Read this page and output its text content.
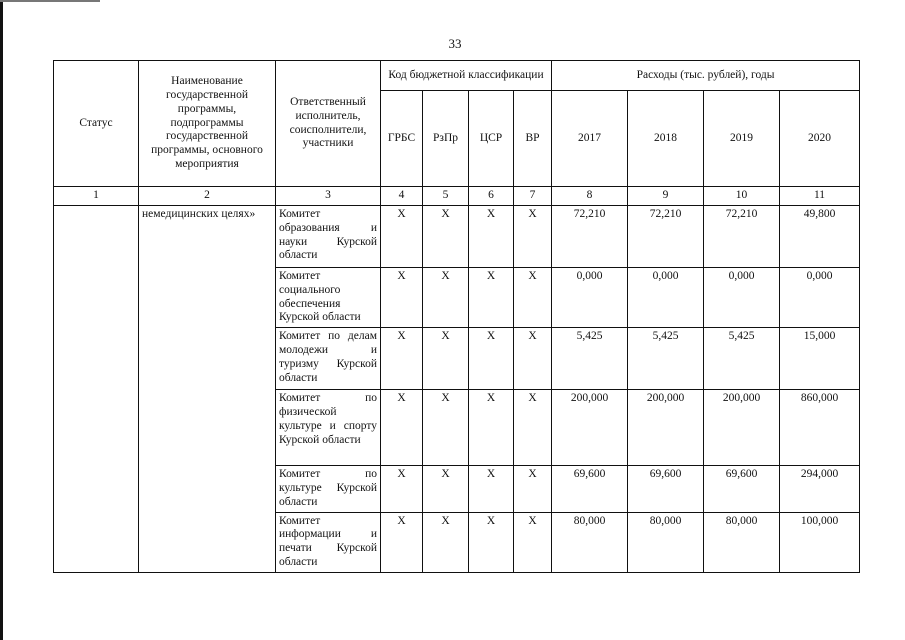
33
Статус	Наименование государственной программы, подпрограммы государственной программы, основного мероприятия	Ответственный исполнитель, соисполнители, участники	Код бюджетной классификации				Расходы (тыс. рублей), годы			
			ГРБС	РзПр	ЦСР	ВР	2017	2018	2019	2020
1	2	3	4	5	6	7	8	9	10	11
	немедицинских целях»	Комитет образования и науки Курской области	X	X	X	X	72,210	72,210	72,210	49,800
		Комитет социального обеспечения Курской области	X	X	X	X	0,000	0,000	0,000	0,000
		Комитет по делам молодежи и туризму Курской области	X	X	X	X	5,425	5,425	5,425	15,000
		Комитет по физической культуре и спорту Курской области	X	X	X	X	200,000	200,000	200,000	860,000
		Комитет по культуре Курской области	X	X	X	X	69,600	69,600	69,600	294,000
		Комитет информации и печати Курской области	X	X	X	X	80,000	80,000	80,000	100,000
